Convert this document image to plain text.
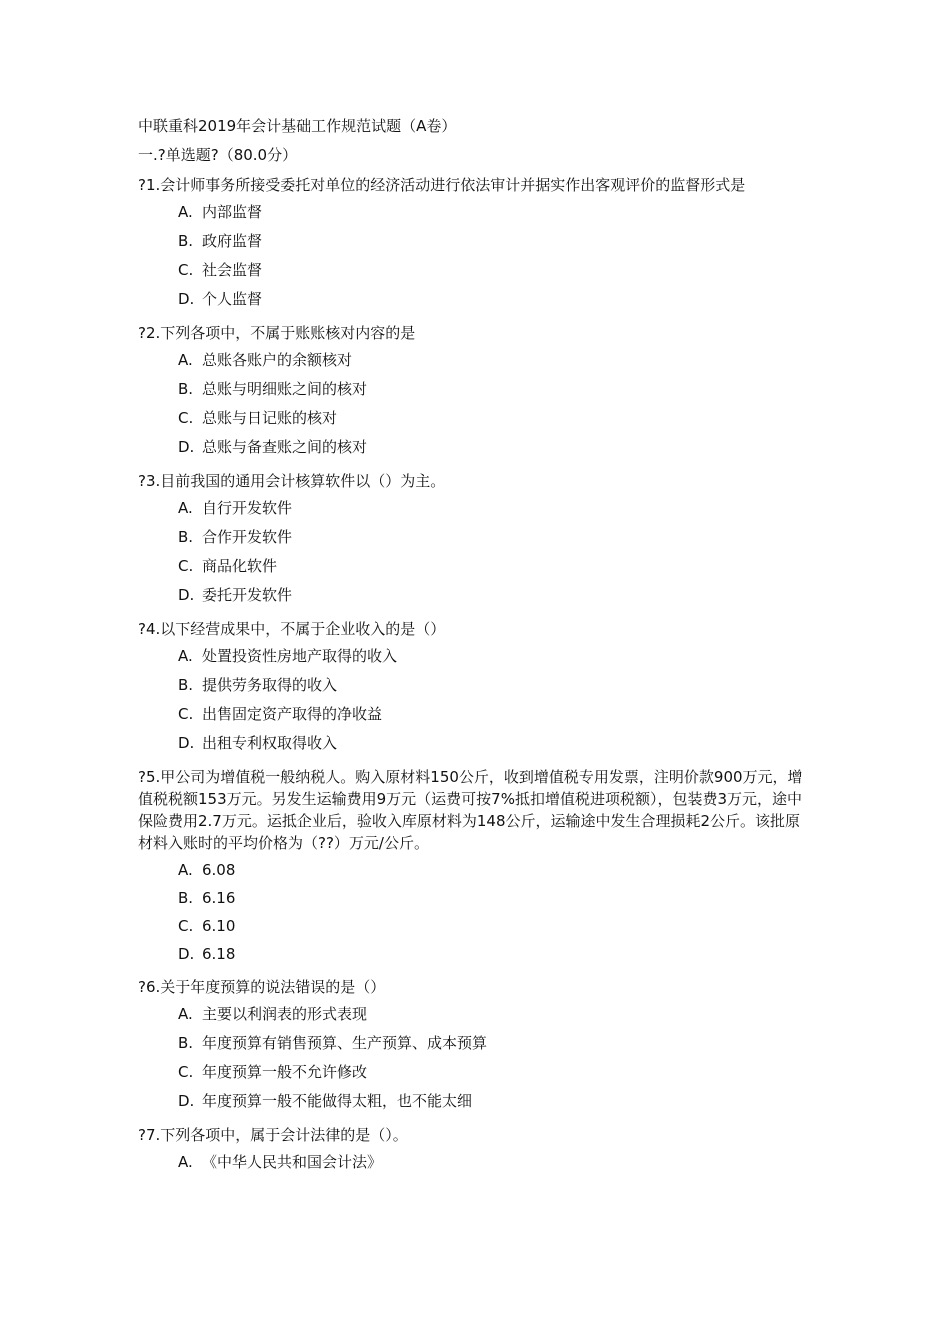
中联重科2019年会计基础工作规范试题（A卷）
一.?单选题?（80.0分）
?1.会计师事务所接受委托对单位的经济活动进行依法审计并据实作出客观评价的监督形式是
A. 内部监督
B. 政府监督
C. 社会监督
D. 个人监督
?2.下列各项中，不属于账账核对内容的是
A. 总账各账户的余额核对
B. 总账与明细账之间的核对
C. 总账与日记账的核对
D. 总账与备查账之间的核对
?3.目前我国的通用会计核算软件以（）为主。
A. 自行开发软件
B. 合作开发软件
C. 商品化软件
D. 委托开发软件
?4.以下经营成果中，不属于企业收入的是（）
A. 处置投资性房地产取得的收入
B. 提供劳务取得的收入
C. 出售固定资产取得的净收益
D. 出租专利权取得收入
?5.甲公司为增值税一般纳税人。购入原材料150公斤，收到增值税专用发票，注明价款900万元，增值税税额153万元。另发生运输费用9万元（运费可按7%抵扣增值税进项税额），包装费3万元，途中保险费用2.7万元。运抵企业后，验收入库原材料为148公斤，运输途中发生合理损耗2公斤。该批原材料入账时的平均价格为（??）万元/公斤。
A. 6.08
B. 6.16
C. 6.10
D. 6.18
?6.关于年度预算的说法错误的是（）
A. 主要以利润表的形式表现
B. 年度预算有销售预算、生产预算、成本预算
C. 年度预算一般不允许修改
D. 年度预算一般不能做得太粗，也不能太细
?7.下列各项中，属于会计法律的是（）。
A. 《中华人民共和国会计法》
